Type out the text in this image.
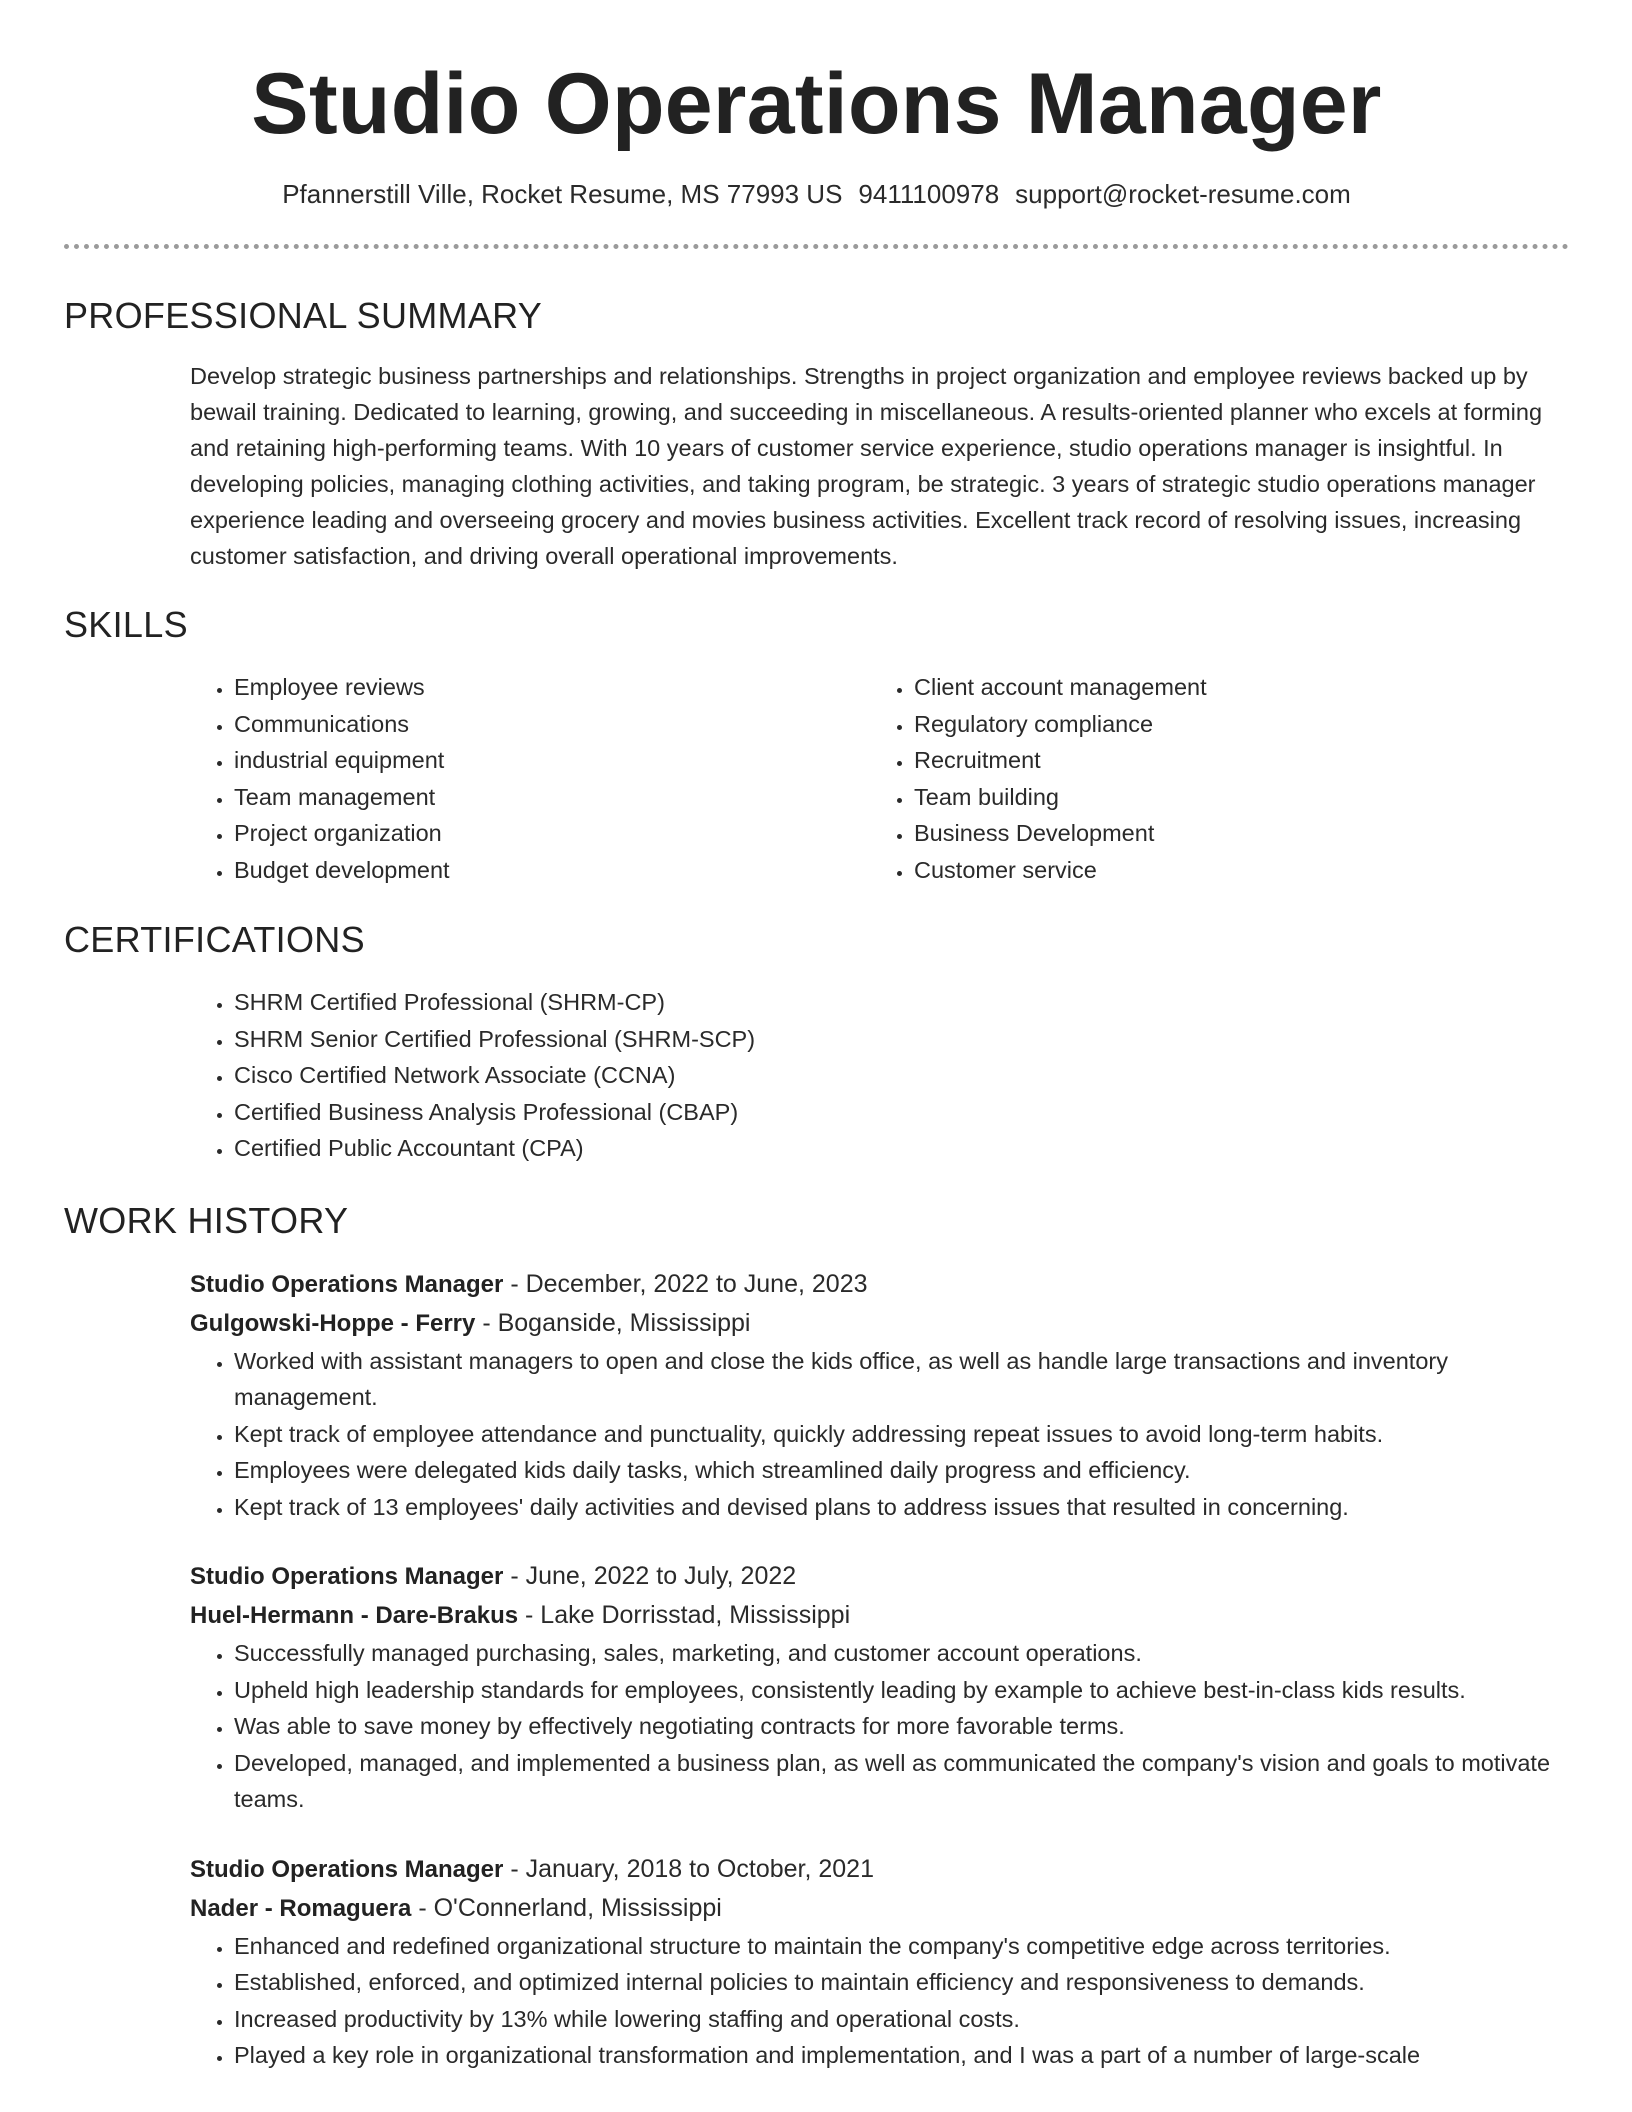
Studio Operations Manager
Pfannerstill Ville, Rocket Resume, MS 77993 US 9411100978 support@rocket-resume.com
PROFESSIONAL SUMMARY
Develop strategic business partnerships and relationships. Strengths in project organization and employee reviews backed up by bewail training. Dedicated to learning, growing, and succeeding in miscellaneous. A results-oriented planner who excels at forming and retaining high-performing teams. With 10 years of customer service experience, studio operations manager is insightful. In developing policies, managing clothing activities, and taking program, be strategic. 3 years of strategic studio operations manager experience leading and overseeing grocery and movies business activities. Excellent track record of resolving issues, increasing customer satisfaction, and driving overall operational improvements.
SKILLS
• Employee reviews
• Communications
• industrial equipment
• Team management
• Project organization
• Budget development
• Client account management
• Regulatory compliance
• Recruitment
• Team building
• Business Development
• Customer service
CERTIFICATIONS
• SHRM Certified Professional (SHRM-CP)
• SHRM Senior Certified Professional (SHRM-SCP)
• Cisco Certified Network Associate (CCNA)
• Certified Business Analysis Professional (CBAP)
• Certified Public Accountant (CPA)
WORK HISTORY
Studio Operations Manager - December, 2022 to June, 2023
Gulgowski-Hoppe - Ferry - Boganside, Mississippi
• Worked with assistant managers to open and close the kids office, as well as handle large transactions and inventory management.
• Kept track of employee attendance and punctuality, quickly addressing repeat issues to avoid long-term habits.
• Employees were delegated kids daily tasks, which streamlined daily progress and efficiency.
• Kept track of 13 employees' daily activities and devised plans to address issues that resulted in concerning.
Studio Operations Manager - June, 2022 to July, 2022
Huel-Hermann - Dare-Brakus - Lake Dorrisstad, Mississippi
• Successfully managed purchasing, sales, marketing, and customer account operations.
• Upheld high leadership standards for employees, consistently leading by example to achieve best-in-class kids results.
• Was able to save money by effectively negotiating contracts for more favorable terms.
• Developed, managed, and implemented a business plan, as well as communicated the company's vision and goals to motivate teams.
Studio Operations Manager - January, 2018 to October, 2021
Nader - Romaguera - O'Connerland, Mississippi
• Enhanced and redefined organizational structure to maintain the company's competitive edge across territories.
• Established, enforced, and optimized internal policies to maintain efficiency and responsiveness to demands.
• Increased productivity by 13% while lowering staffing and operational costs.
• Played a key role in organizational transformation and implementation, and I was a part of a number of large-scale
